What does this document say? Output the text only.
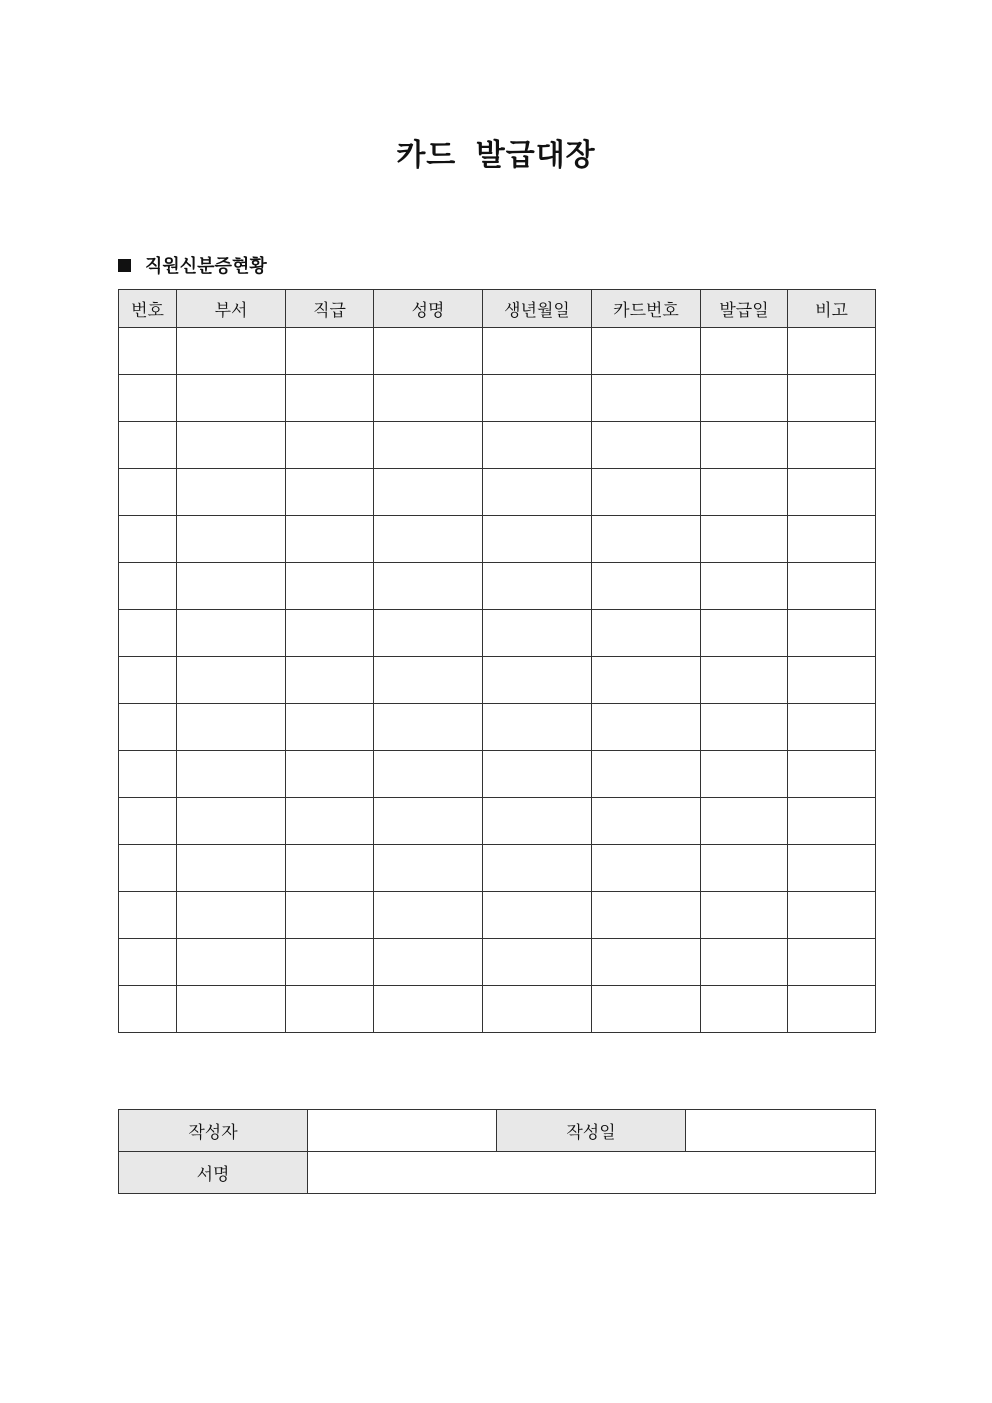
카드 발급대장
직원신분증현황
번호	부서	직급	성명	생년월일	카드번호	발급일	비고

작성자		작성일	
서명			
